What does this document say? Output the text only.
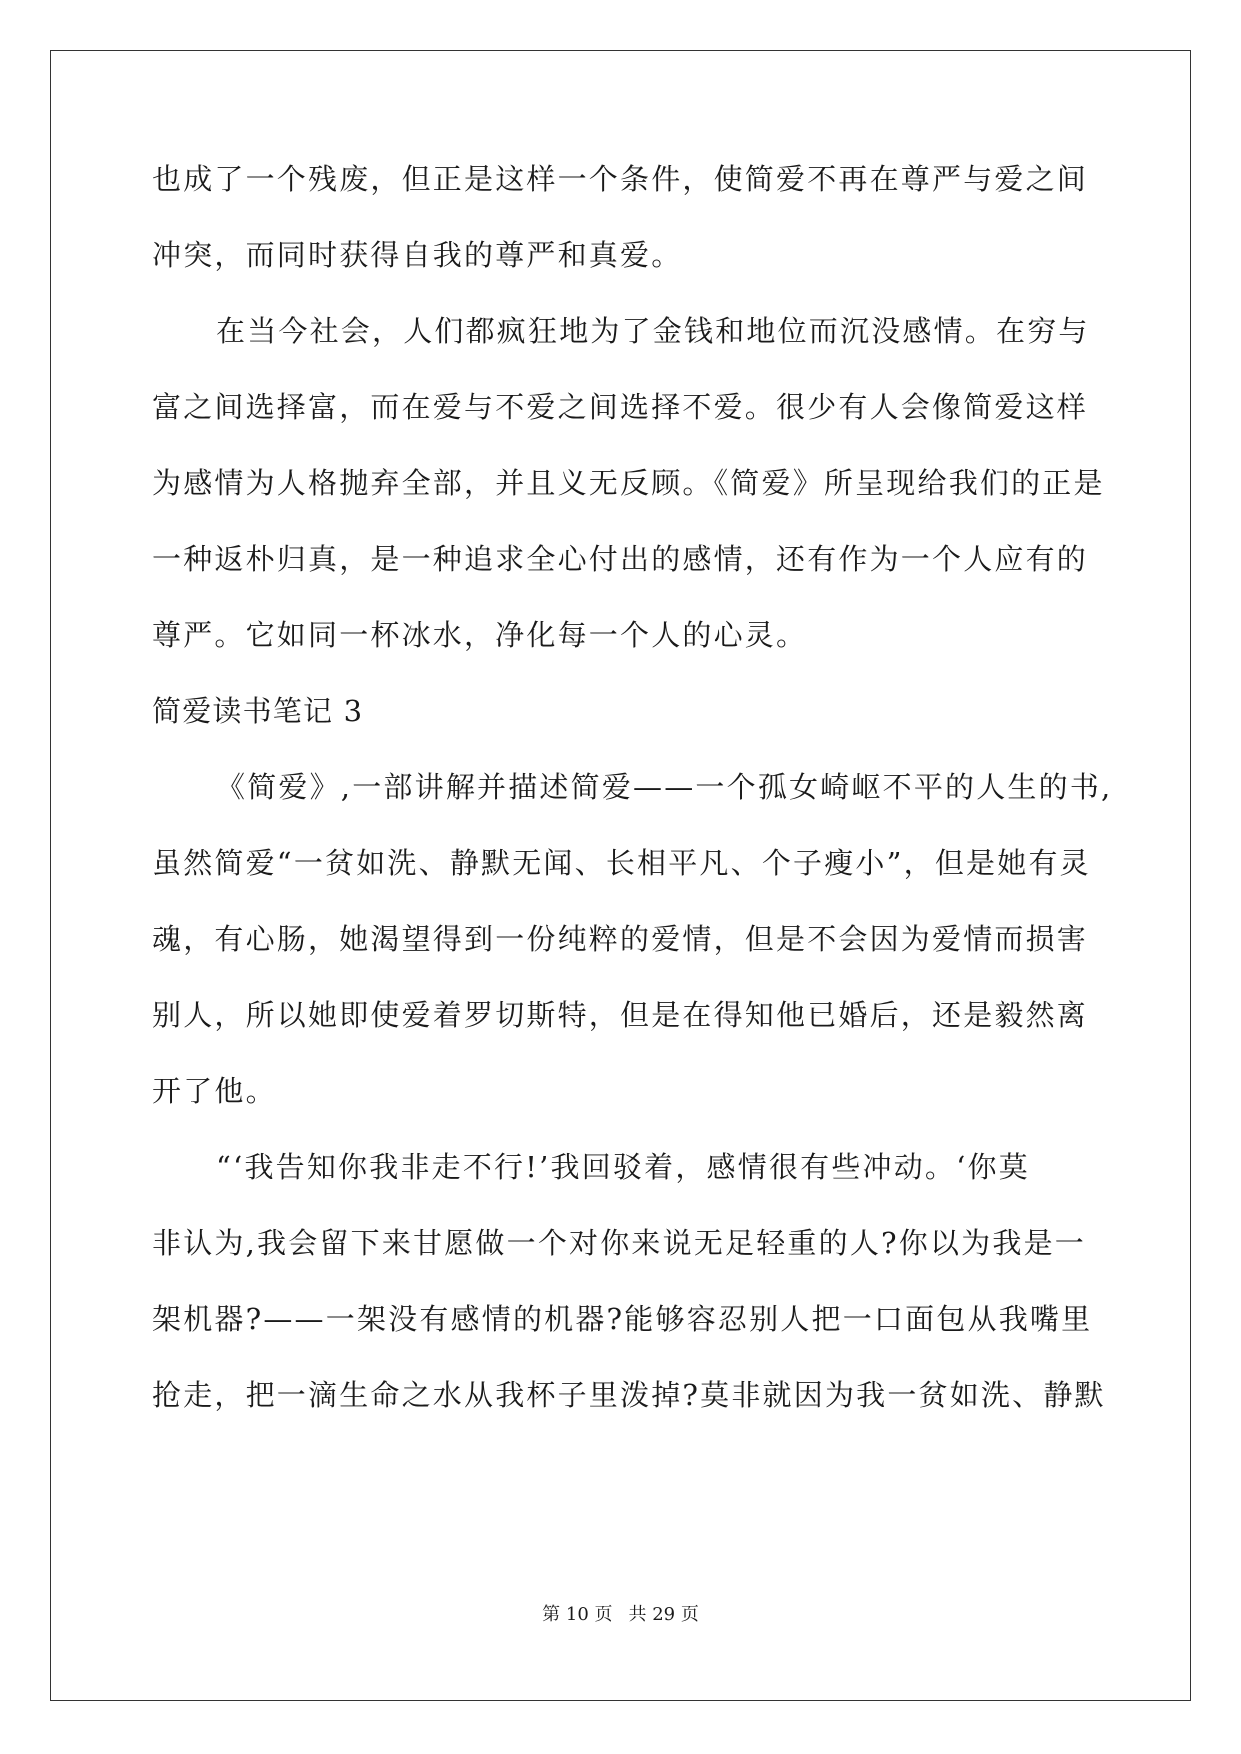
也成了一个残废，但正是这样一个条件，使简爱不再在尊严与爱之间
冲突，而同时获得自我的尊严和真爱。
在当今社会，人们都疯狂地为了金钱和地位而沉没感情。在穷与
富之间选择富，而在爱与不爱之间选择不爱。很少有人会像简爱这样
为感情为人格抛弃全部，并且义无反顾。《简爱》所呈现给我们的正是
一种返朴归真，是一种追求全心付出的感情，还有作为一个人应有的
尊严。它如同一杯冰水，净化每一个人的心灵。
简爱读书笔记 3
《简爱》,一部讲解并描述简爱——一个孤女崎岖不平的人生的书,
虽然简爱“一贫如洗、静默无闻、长相平凡、个子瘦小”，但是她有灵
魂，有心肠，她渴望得到一份纯粹的爱情，但是不会因为爱情而损害
别人，所以她即使爱着罗切斯特，但是在得知他已婚后，还是毅然离
开了他。
“‘我告知你我非走不行!’我回驳着，感情很有些冲动。‘你莫
非认为,我会留下来甘愿做一个对你来说无足轻重的人?你以为我是一
架机器?——一架没有感情的机器?能够容忍别人把一口面包从我嘴里
抢走，把一滴生命之水从我杯子里泼掉?莫非就因为我一贫如洗、静默
第 10 页 共 29 页
